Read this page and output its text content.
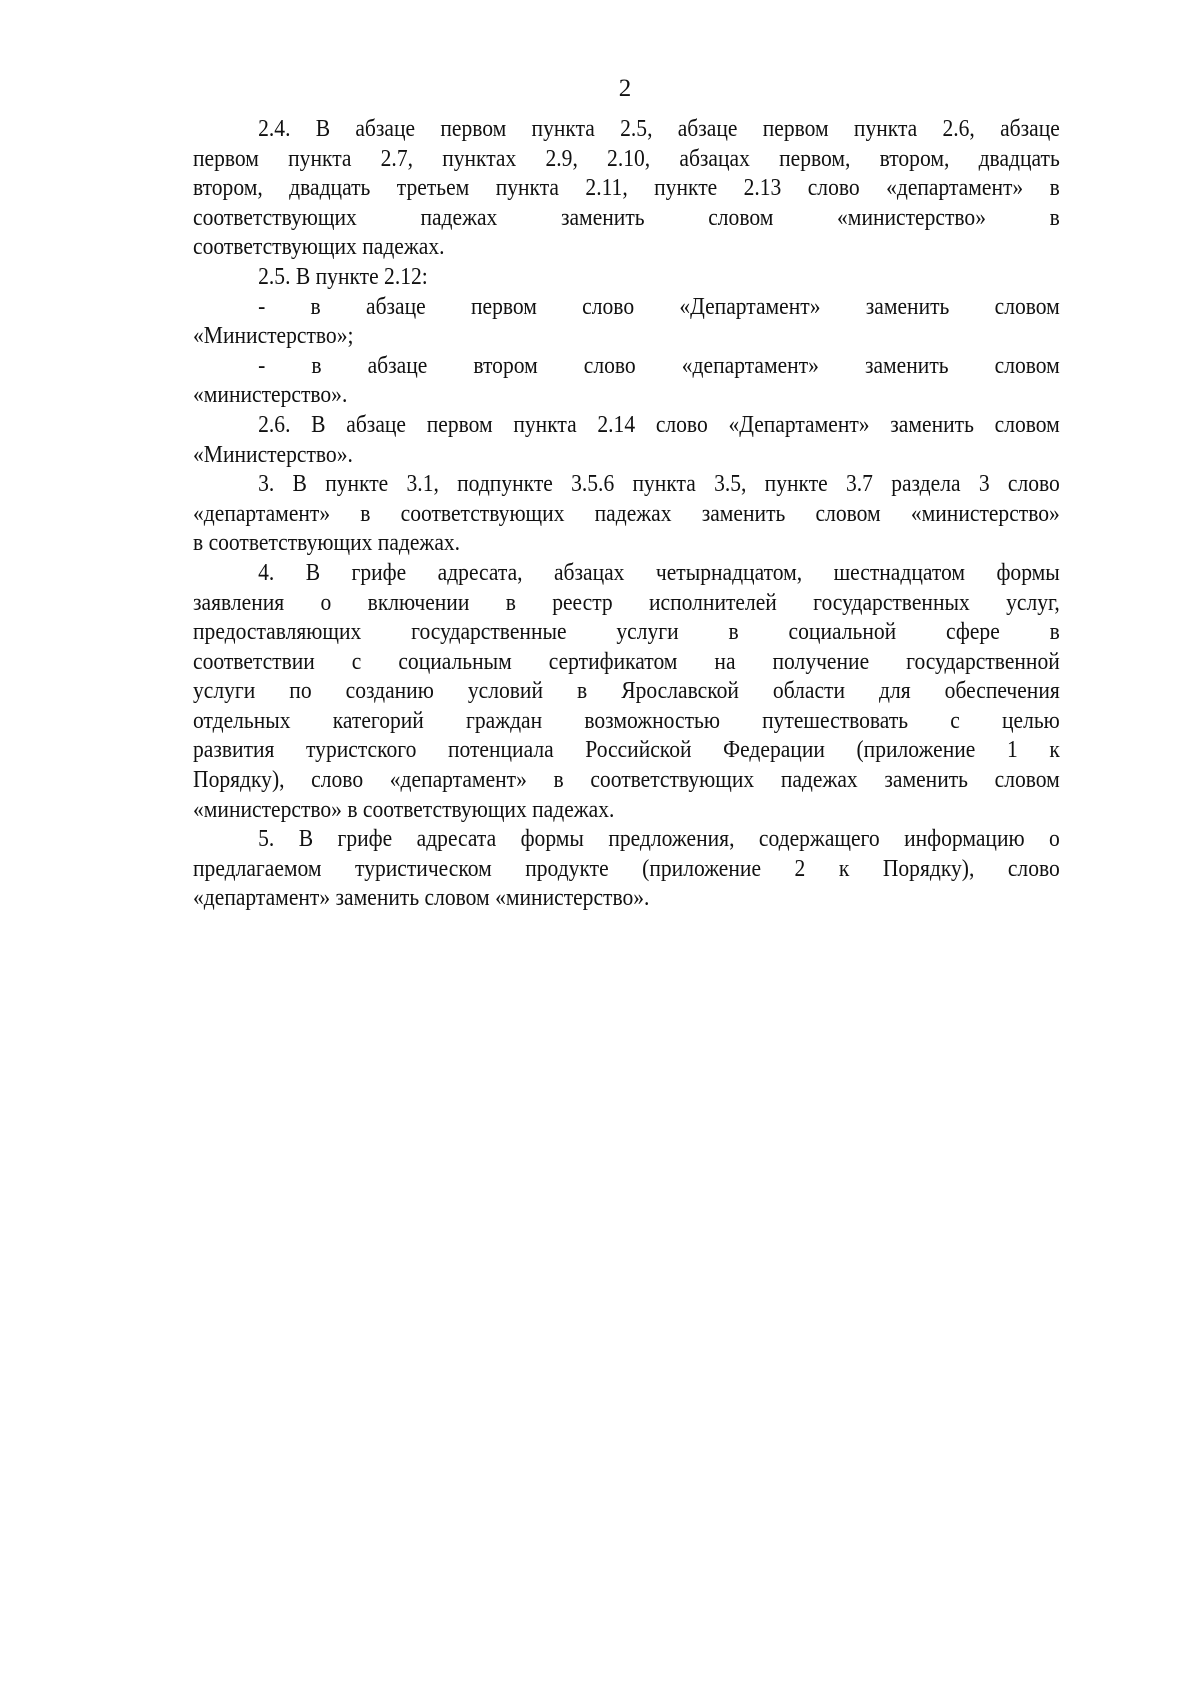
2
2.4. В абзаце первом пункта 2.5, абзаце первом пункта 2.6, абзаце
первом пункта 2.7, пунктах 2.9, 2.10, абзацах первом, втором, двадцать
втором, двадцать третьем пункта 2.11, пункте 2.13 слово «департамент» в
соответствующих падежах заменить словом «министерство» в
соответствующих падежах.
2.5. В пункте 2.12:
- в абзаце первом слово «Департамент» заменить словом
«Министерство»;
- в абзаце втором слово «департамент» заменить словом
«министерство».
2.6. В абзаце первом пункта 2.14 слово «Департамент» заменить словом
«Министерство».
3. В пункте 3.1, подпункте 3.5.6 пункта 3.5, пункте 3.7 раздела 3 слово
«департамент» в соответствующих падежах заменить словом «министерство»
в соответствующих падежах.
4. В грифе адресата, абзацах четырнадцатом, шестнадцатом формы
заявления о включении в реестр исполнителей государственных услуг,
предоставляющих государственные услуги в социальной сфере в
соответствии с социальным сертификатом на получение государственной
услуги по созданию условий в Ярославской области для обеспечения
отдельных категорий граждан возможностью путешествовать с целью
развития туристского потенциала Российской Федерации (приложение 1 к
Порядку), слово «департамент» в соответствующих падежах заменить словом
«министерство» в соответствующих падежах.
5. В грифе адресата формы предложения, содержащего информацию о
предлагаемом туристическом продукте (приложение 2 к Порядку), слово
«департамент» заменить словом «министерство».
